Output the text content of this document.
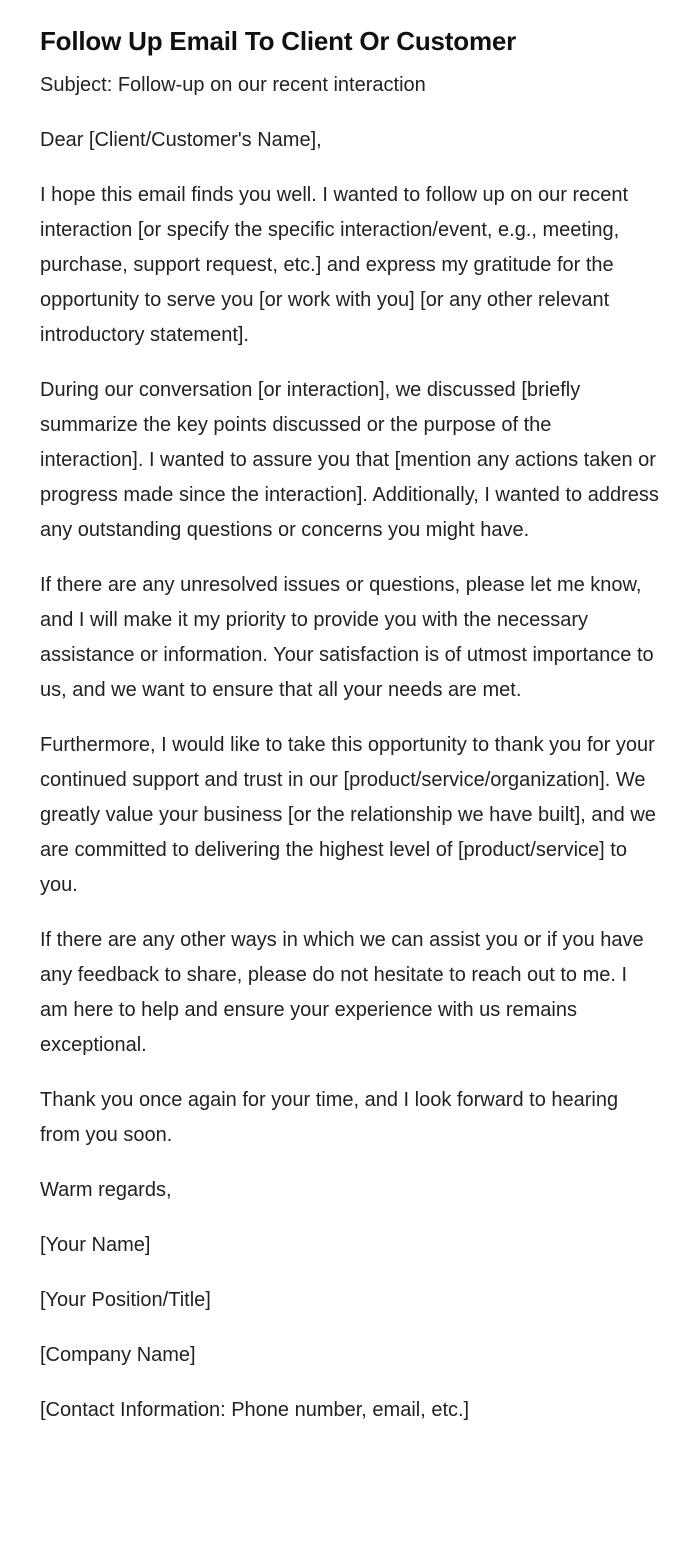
Follow Up Email To Client Or Customer

Subject: Follow-up on our recent interaction

Dear [Client/Customer's Name],

I hope this email finds you well. I wanted to follow up on our recent interaction [or specify the specific interaction/event, e.g., meeting, purchase, support request, etc.] and express my gratitude for the opportunity to serve you [or work with you] [or any other relevant introductory statement].

During our conversation [or interaction], we discussed [briefly summarize the key points discussed or the purpose of the interaction]. I wanted to assure you that [mention any actions taken or progress made since the interaction]. Additionally, I wanted to address any outstanding questions or concerns you might have.

If there are any unresolved issues or questions, please let me know, and I will make it my priority to provide you with the necessary assistance or information. Your satisfaction is of utmost importance to us, and we want to ensure that all your needs are met.

Furthermore, I would like to take this opportunity to thank you for your continued support and trust in our [product/service/organization]. We greatly value your business [or the relationship we have built], and we are committed to delivering the highest level of [product/service] to you.

If there are any other ways in which we can assist you or if you have any feedback to share, please do not hesitate to reach out to me. I am here to help and ensure your experience with us remains exceptional.

Thank you once again for your time, and I look forward to hearing from you soon.

Warm regards,

[Your Name]

[Your Position/Title]

[Company Name]

[Contact Information: Phone number, email, etc.]
